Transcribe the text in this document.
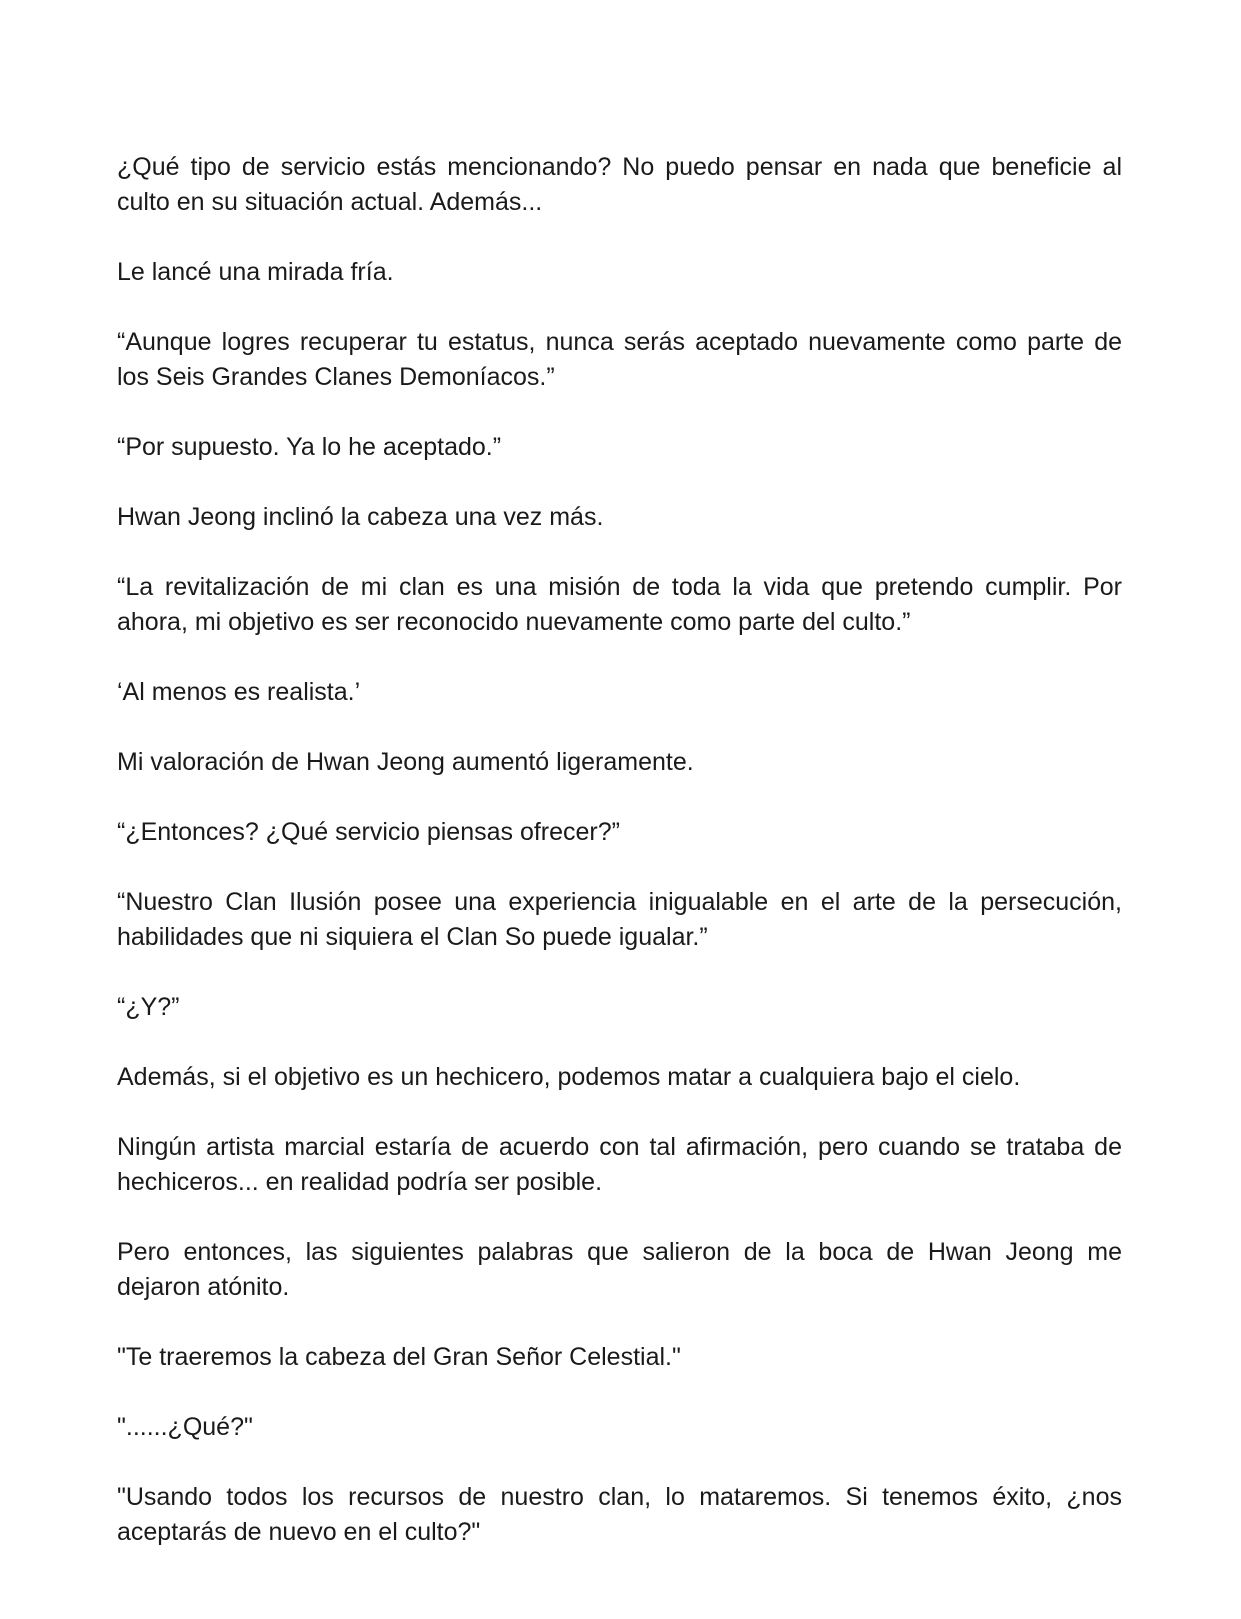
¿Qué tipo de servicio estás mencionando? No puedo pensar en nada que beneficie al culto en su situación actual. Además...

Le lancé una mirada fría.

“Aunque logres recuperar tu estatus, nunca serás aceptado nuevamente como parte de los Seis Grandes Clanes Demoníacos.”

“Por supuesto. Ya lo he aceptado.”

Hwan Jeong inclinó la cabeza una vez más.

“La revitalización de mi clan es una misión de toda la vida que pretendo cumplir. Por ahora, mi objetivo es ser reconocido nuevamente como parte del culto.”

‘Al menos es realista.’

Mi valoración de Hwan Jeong aumentó ligeramente.

“¿Entonces? ¿Qué servicio piensas ofrecer?”

“Nuestro Clan Ilusión posee una experiencia inigualable en el arte de la persecución, habilidades que ni siquiera el Clan So puede igualar.”

“¿Y?”

Además, si el objetivo es un hechicero, podemos matar a cualquiera bajo el cielo.

Ningún artista marcial estaría de acuerdo con tal afirmación, pero cuando se trataba de hechiceros... en realidad podría ser posible.

Pero entonces, las siguientes palabras que salieron de la boca de Hwan Jeong me dejaron atónito.

"Te traeremos la cabeza del Gran Señor Celestial."

"......¿Qué?"

"Usando todos los recursos de nuestro clan, lo mataremos. Si tenemos éxito, ¿nos aceptarás de nuevo en el culto?"
